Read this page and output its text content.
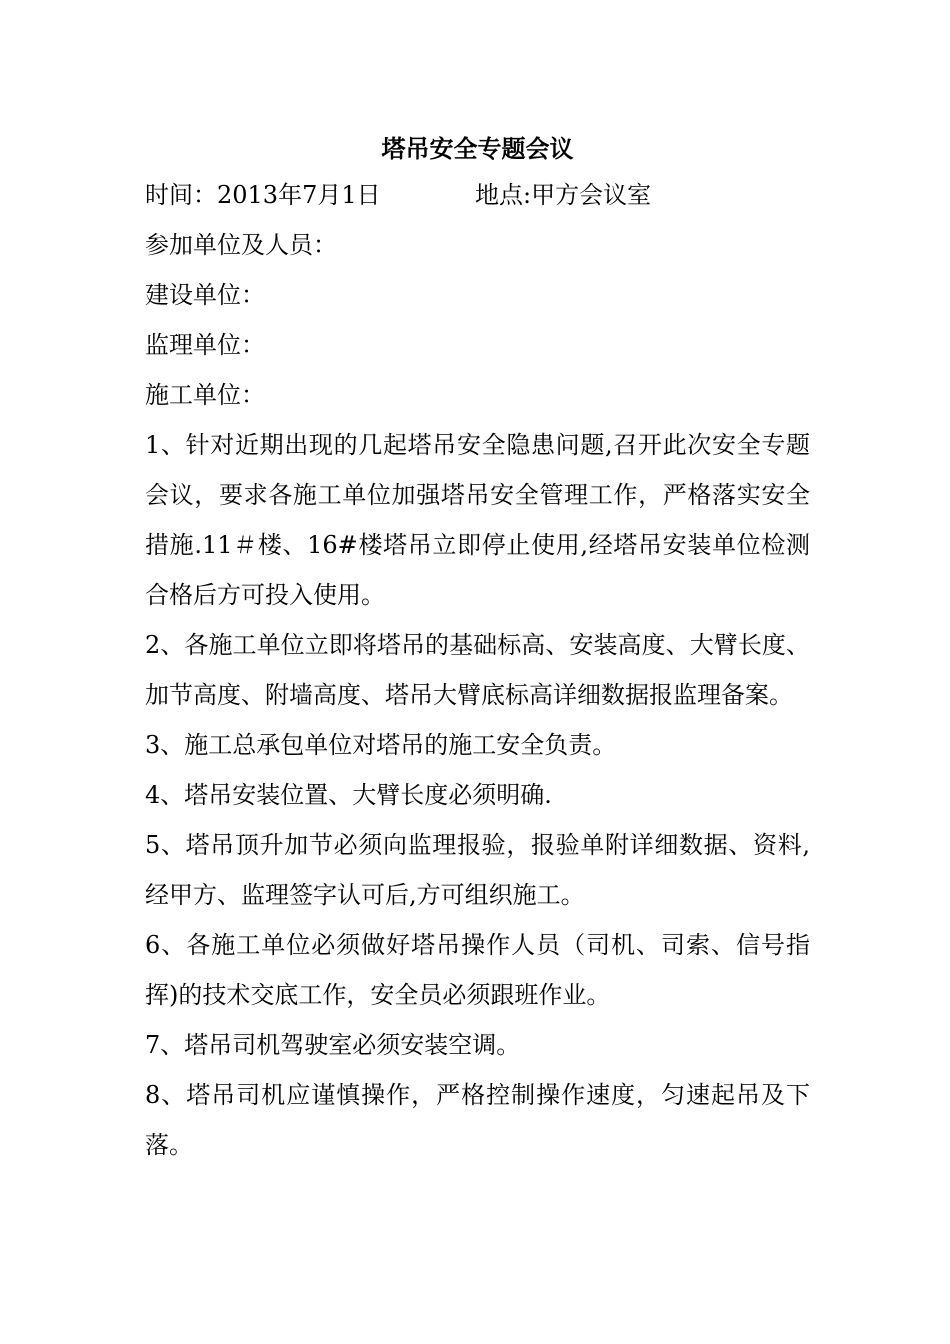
塔吊安全专题会议
时间：2013年7月1日	地点:甲方会议室

参加单位及人员：

建设单位：

监理单位：

施工单位：

1、针对近期出现的几起塔吊安全隐患问题,召开此次安全专题会议，要求各施工单位加强塔吊安全管理工作，严格落实安全措施.11＃楼、16#楼塔吊立即停止使用,经塔吊安装单位检测合格后方可投入使用。

2、各施工单位立即将塔吊的基础标高、安装高度、大臂长度、加节高度、附墙高度、塔吊大臂底标高详细数据报监理备案。

3、施工总承包单位对塔吊的施工安全负责。

4、塔吊安装位置、大臂长度必须明确.

5、塔吊顶升加节必须向监理报验，报验单附详细数据、资料,经甲方、监理签字认可后,方可组织施工。

6、各施工单位必须做好塔吊操作人员（司机、司索、信号指挥)的技术交底工作，安全员必须跟班作业。

7、塔吊司机驾驶室必须安装空调。

8、塔吊司机应谨慎操作，严格控制操作速度，匀速起吊及下落。
